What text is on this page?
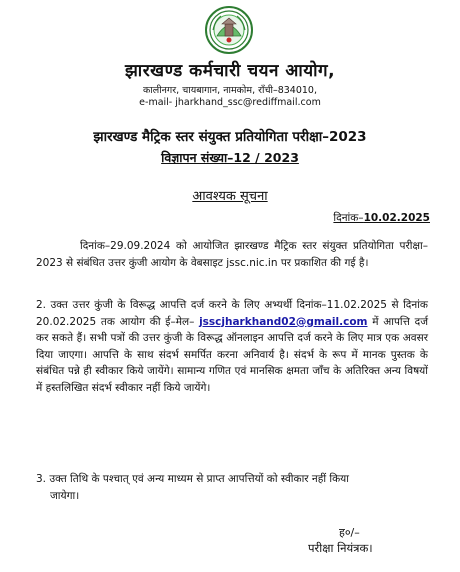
झारखण्ड कर्मचारी चयन आयोग,
कालीनगर, चायबागान, नामकोम, राँची–834010,
e-mail- jharkhand_ssc@rediffmail.com
झारखण्ड मैट्रिक स्तर संयुक्त प्रतियोगिता परीक्षा–2023
विज्ञापन संख्या–12 / 2023
आवश्यक सूचना
दिनांक–10.02.2025

दिनांक–29.09.2024 को आयोजित झारखण्ड मैट्रिक स्तर संयुक्त प्रतियोगिता परीक्षा–2023 से संबंधित उत्तर कुंजी आयोग के वेबसाइट jssc.nic.in पर प्रकाशित की गई है।

2. उक्त उत्तर कुंजी के विरूद्ध आपत्ति दर्ज करने के लिए अभ्यर्थी दिनांक–11.02.2025 से दिनांक 20.02.2025 तक आयोग की ई–मेल– jsscjharkhand02@gmail.com में आपत्ति दर्ज कर सकते हैं। सभी पत्रों की उत्तर कुंजी के विरूद्ध ऑनलाइन आपत्ति दर्ज करने के लिए मात्र एक अवसर दिया जाएगा। आपत्ति के साथ संदर्भ समर्पित करना अनिवार्य है। संदर्भ के रूप में मानक पुस्तक के संबंधित पन्ने ही स्वीकार किये जायेंगे। सामान्य गणित एवं मानसिक क्षमता जाँच के अतिरिक्त अन्य विषयों में हस्तलिखित संदर्भ स्वीकार नहीं किये जायेंगे।

3. उक्त तिथि के पश्चात् एवं अन्य माध्यम से प्राप्त आपत्तियों को स्वीकार नहीं किया
जायेगा।
ह०/–
परीक्षा नियंत्रक।
